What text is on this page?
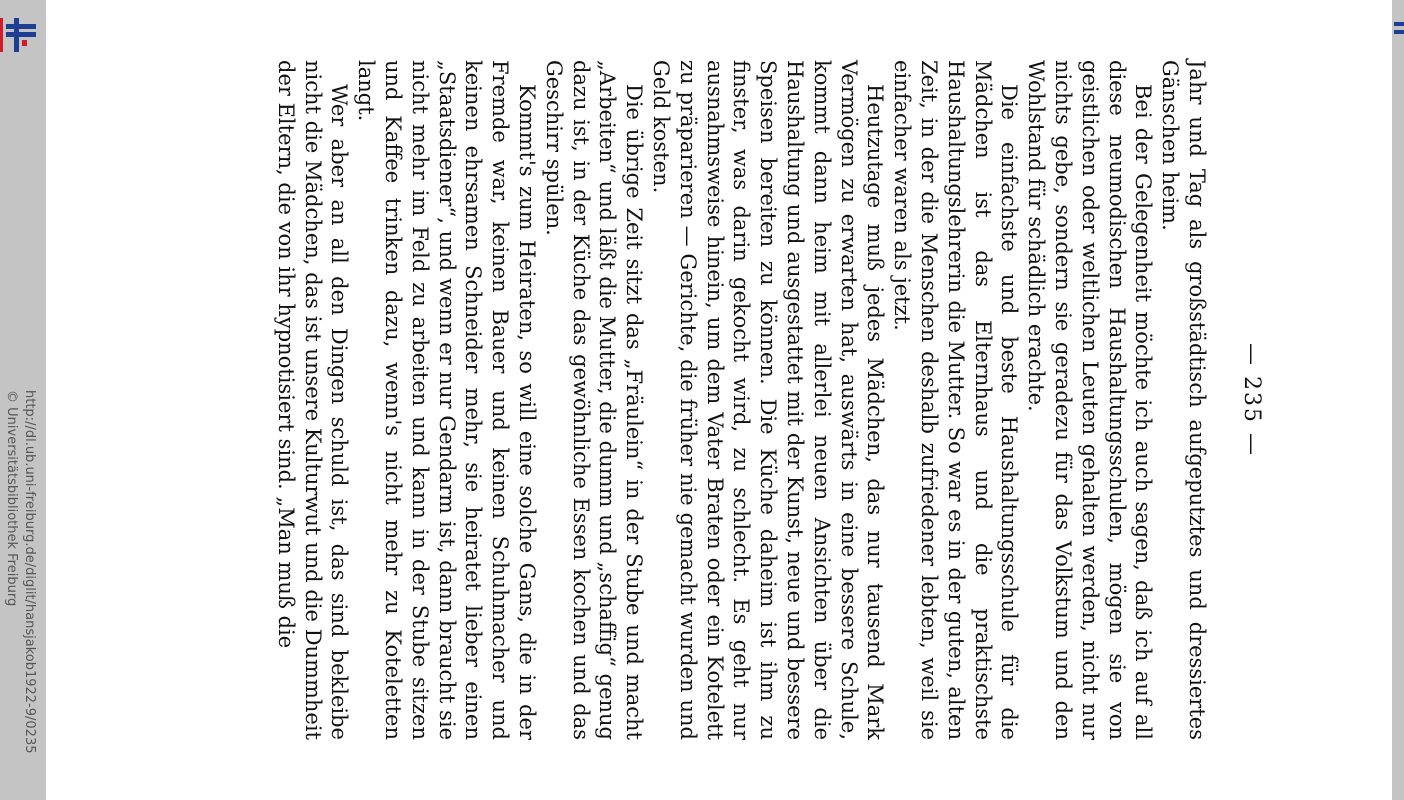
http://dl.ub.uni-freiburg.de/diglit/hansjakob1922-9/0235
© Universitätsbibliothek Freiburg	— 235 —

Jahr und Tag als großstädtisch aufgeputztes und dressiertes Gänschen heim.

Bei der Gelegenheit möchte ich auch sagen, daß ich auf all diese neumodischen Haushaltungsschulen, mögen sie von geistlichen oder weltlichen Leuten gehalten werden, nicht nur nichts gebe, sondern sie geradezu für das Volkstum und den Wohlstand für schädlich erachte.

Die einfachste und beste Haushaltungsschule für die Mädchen ist das Elternhaus und die praktischste Haushaltungslehrerin die Mutter. So war es in der guten, alten Zeit, in der die Menschen deshalb zufriedener lebten, weil sie einfacher waren als jetzt.

Heutzutage muß jedes Mädchen, das nur tausend Mark Vermögen zu erwarten hat, auswärts in eine bessere Schule, kommt dann heim mit allerlei neuen Ansichten über die Haushaltung und ausgestattet mit der Kunst, neue und bessere Speisen bereiten zu können. Die Küche daheim ist ihm zu finster, was darin gekocht wird, zu schlecht. Es geht nur ausnahmsweise hinein, um dem Vater Braten oder ein Kotelett zu präparieren — Gerichte, die früher nie gemacht wurden und Geld kosten.

Die übrige Zeit sitzt das „Fräulein“ in der Stube und macht „Arbeiten“ und läßt die Mutter, die dumm und „schaffig“ genug dazu ist, in der Küche das gewöhnliche Essen kochen und das Geschirr spülen.

Kommt's zum Heiraten, so will eine solche Gans, die in der Fremde war, keinen Bauer und keinen Schuhmacher und keinen ehrsamen Schneider mehr, sie heiratet lieber einen „Staatsdiener“, und wenn er nur Gendarm ist, dann braucht sie nicht mehr im Feld zu arbeiten und kann in der Stube sitzen und Kaffee trinken dazu, wenn's nicht mehr zu Koteletten langt.

Wer aber an all den Dingen schuld ist, das sind bekleibe nicht die Mädchen, das ist unsere Kulturwut und die Dummheit der Eltern, die von ihr hypnotisiert sind. „Man muß die
